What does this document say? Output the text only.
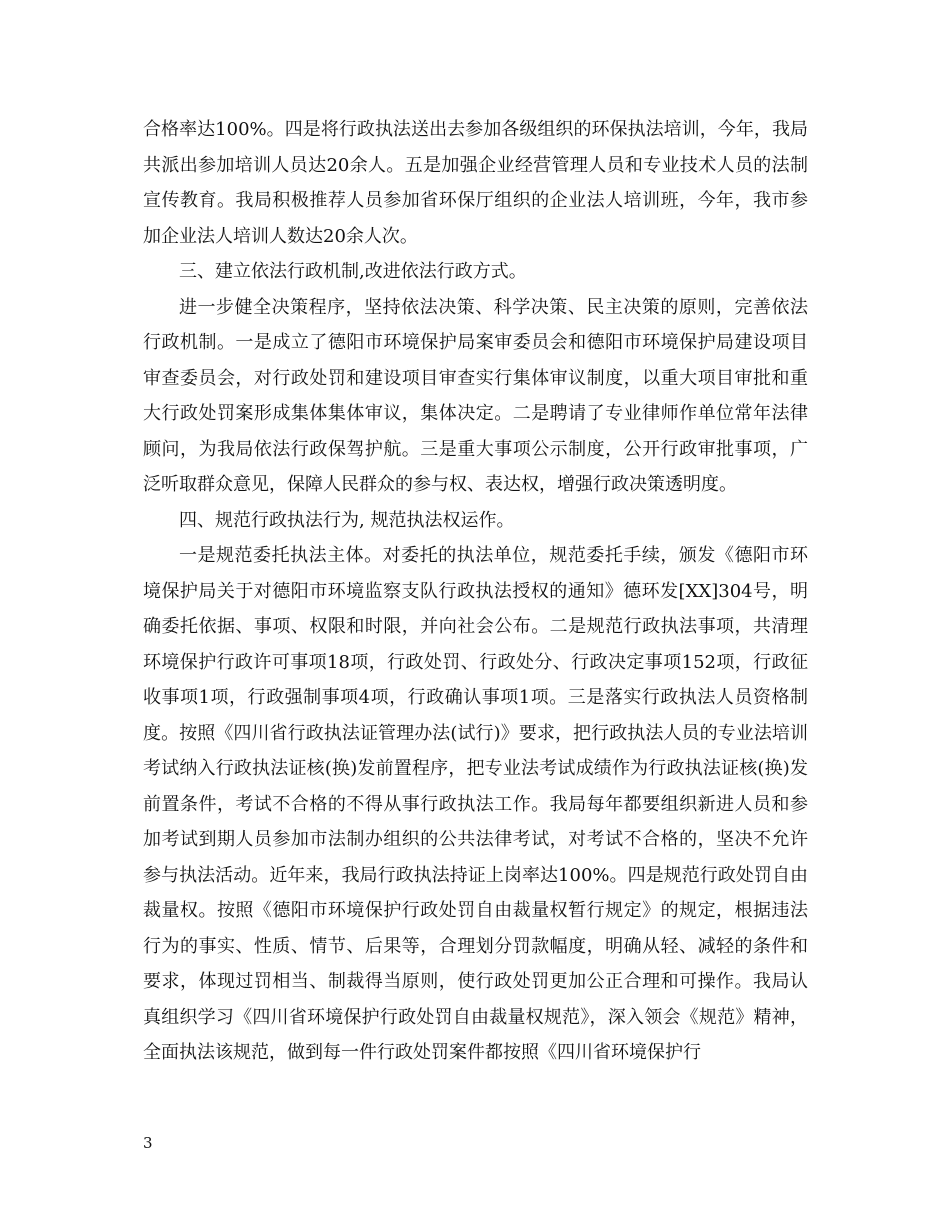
合格率达100%。四是将行政执法送出去参加各级组织的环保执法培训，今年，我局共派出参加培训人员达20余人。五是加强企业经营管理人员和专业技术人员的法制宣传教育。我局积极推荐人员参加省环保厅组织的企业法人培训班，今年，我市参加企业法人培训人数达20余人次。

三、建立依法行政机制,改进依法行政方式。

进一步健全决策程序，坚持依法决策、科学决策、民主决策的原则，完善依法行政机制。一是成立了德阳市环境保护局案审委员会和德阳市环境保护局建设项目审查委员会，对行政处罚和建设项目审查实行集体审议制度，以重大项目审批和重大行政处罚案形成集体集体审议，集体决定。二是聘请了专业律师作单位常年法律顾问，为我局依法行政保驾护航。三是重大事项公示制度，公开行政审批事项，广泛听取群众意见，保障人民群众的参与权、表达权，增强行政决策透明度。

四、规范行政执法行为, 规范执法权运作。

一是规范委托执法主体。对委托的执法单位，规范委托手续，颁发《德阳市环境保护局关于对德阳市环境监察支队行政执法授权的通知》德环发[XX]304号，明确委托依据、事项、权限和时限，并向社会公布。二是规范行政执法事项，共清理环境保护行政许可事项18项，行政处罚、行政处分、行政决定事项152项，行政征收事项1项，行政强制事项4项，行政确认事项1项。三是落实行政执法人员资格制度。按照《四川省行政执法证管理办法(试行)》要求，把行政执法人员的专业法培训考试纳入行政执法证核(换)发前置程序，把专业法考试成绩作为行政执法证核(换)发前置条件，考试不合格的不得从事行政执法工作。我局每年都要组织新进人员和参加考试到期人员参加市法制办组织的公共法律考试，对考试不合格的，坚决不允许参与执法活动。近年来，我局行政执法持证上岗率达100%。四是规范行政处罚自由裁量权。按照《德阳市环境保护行政处罚自由裁量权暂行规定》的规定，根据违法行为的事实、性质、情节、后果等，合理划分罚款幅度，明确从轻、减轻的条件和要求，体现过罚相当、制裁得当原则，使行政处罚更加公正合理和可操作。我局认真组织学习《四川省环境保护行政处罚自由裁量权规范》，深入领会《规范》精神，全面执法该规范，做到每一件行政处罚案件都按照《四川省环境保护行

3
